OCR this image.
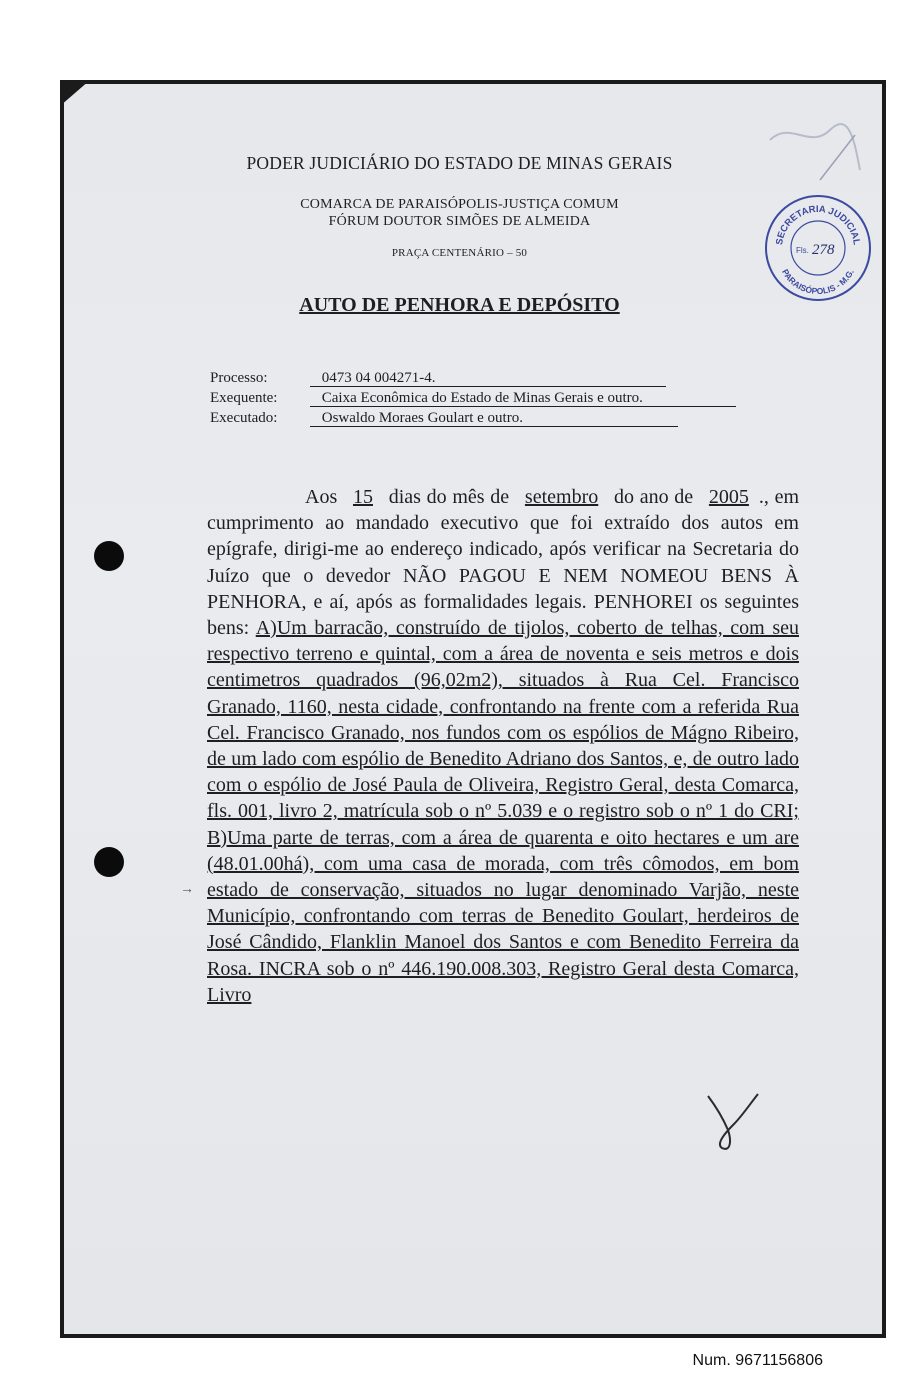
PODER JUDICIÁRIO DO ESTADO DE MINAS GERAIS
COMARCA DE PARAISÓPOLIS-JUSTIÇA COMUM
FÓRUM DOUTOR SIMÕES DE ALMEIDA
PRAÇA CENTENÁRIO – 50
SECRETARIA JUDICIAL
PARAISÓPOLIS - M.G.
Fls. 278
AUTO DE PENHORA E DEPÓSITO
Processo:	0473 04 004271-4.
Exequente:	Caixa Econômica do Estado de Minas Gerais e outro.
Executado:	Oswaldo Moraes Goulart e outro.
Aos 15 dias do mês de setembro do ano de 2005 ., em cumprimento ao mandado executivo que foi extraído dos autos em epígrafe, dirigi-me ao endereço indicado, após verificar na Secretaria do Juízo que o devedor NÃO PAGOU E NEM NOMEOU BENS À PENHORA, e aí, após as formalidades legais. PENHOREI os seguintes bens: A)Um barracão, construído de tijolos, coberto de telhas, com seu respectivo terreno e quintal, com a área de noventa e seis metros e dois centimetros quadrados (96,02m2), situados à Rua Cel. Francisco Granado, 1160, nesta cidade, confrontando na frente com a referida Rua Cel. Francisco Granado, nos fundos com os espólios de Mágno Ribeiro, de um lado com espólio de Benedito Adriano dos Santos, e, de outro lado com o espólio de José Paula de Oliveira, Registro Geral, desta Comarca, fls. 001, livro 2, matrícula sob o nº 5.039 e o registro sob o nº 1 do CRI; B)Uma parte de terras, com a área de quarenta e oito hectares e um are (48.01.00há), com uma casa de morada, com três cômodos, em bom estado de conservação, situados no lugar denominado Varjão, neste Município, confrontando com terras de Benedito Goulart, herdeiros de José Cândido, Flanklin Manoel dos Santos e com Benedito Ferreira da Rosa. INCRA sob o nº 446.190.008.303, Registro Geral desta Comarca, Livro
→
Num. 9671156806
